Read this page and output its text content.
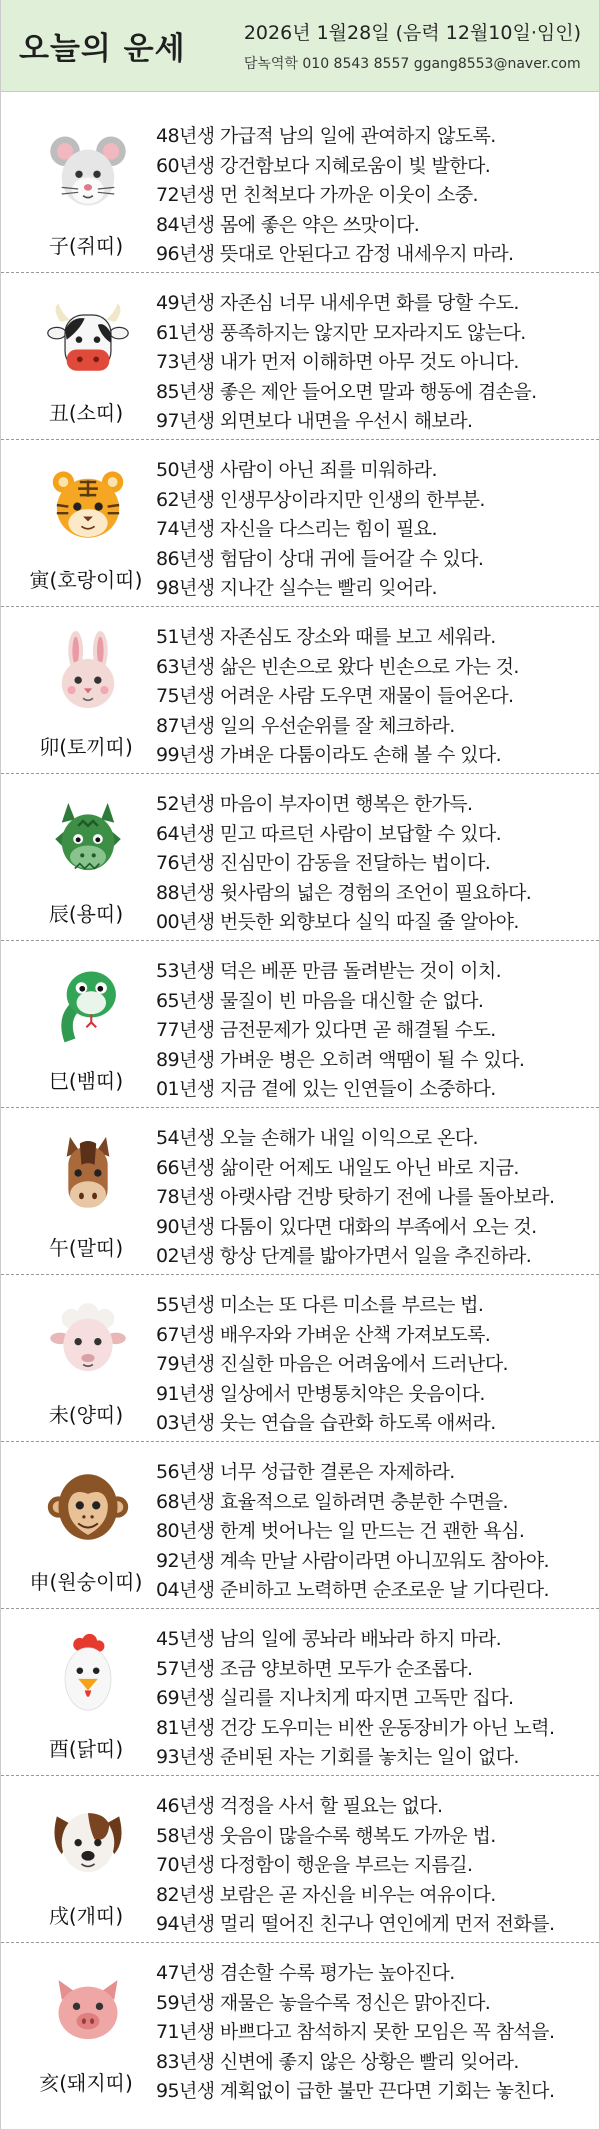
오늘의 운세	2026년 1월28일 (음력 12월10일·임인)
담녹역학 010 8543 8557 ggang8553@naver.com
子(쥐띠)
48년생 가급적 남의 일에 관여하지 않도록.
60년생 강건함보다 지혜로움이 빛 발한다.
72년생 먼 친척보다 가까운 이웃이 소중.
84년생 몸에 좋은 약은 쓰맛이다.
96년생 뜻대로 안된다고 감정 내세우지 마라.
丑(소띠)
49년생 자존심 너무 내세우면 화를 당할 수도.
61년생 풍족하지는 않지만 모자라지도 않는다.
73년생 내가 먼저 이해하면 아무 것도 아니다.
85년생 좋은 제안 들어오면 말과 행동에 겸손을.
97년생 외면보다 내면을 우선시 해보라.
寅(호랑이띠)
50년생 사람이 아닌 죄를 미워하라.
62년생 인생무상이라지만 인생의 한부분.
74년생 자신을 다스리는 힘이 필요.
86년생 험담이 상대 귀에 들어갈 수 있다.
98년생 지나간 실수는 빨리 잊어라.
卯(토끼띠)
51년생 자존심도 장소와 때를 보고 세워라.
63년생 삶은 빈손으로 왔다 빈손으로 가는 것.
75년생 어려운 사람 도우면 재물이 들어온다.
87년생 일의 우선순위를 잘 체크하라.
99년생 가벼운 다툼이라도 손해 볼 수 있다.
辰(용띠)
52년생 마음이 부자이면 행복은 한가득.
64년생 믿고 따르던 사람이 보답할 수 있다.
76년생 진심만이 감동을 전달하는 법이다.
88년생 윗사람의 넓은 경험의 조언이 필요하다.
00년생 번듯한 외향보다 실익 따질 줄 알아야.
巳(뱀띠)
53년생 덕은 베푼 만큼 돌려받는 것이 이치.
65년생 물질이 빈 마음을 대신할 순 없다.
77년생 금전문제가 있다면 곧 해결될 수도.
89년생 가벼운 병은 오히려 액땜이 될 수 있다.
01년생 지금 곁에 있는 인연들이 소중하다.
午(말띠)
54년생 오늘 손해가 내일 이익으로 온다.
66년생 삶이란 어제도 내일도 아닌 바로 지금.
78년생 아랫사람 건방 탓하기 전에 나를 돌아보라.
90년생 다툼이 있다면 대화의 부족에서 오는 것.
02년생 항상 단계를 밟아가면서 일을 추진하라.
未(양띠)
55년생 미소는 또 다른 미소를 부르는 법.
67년생 배우자와 가벼운 산책 가져보도록.
79년생 진실한 마음은 어려움에서 드러난다.
91년생 일상에서 만병통치약은 웃음이다.
03년생 웃는 연습을 습관화 하도록 애써라.
申(원숭이띠)
56년생 너무 성급한 결론은 자제하라.
68년생 효율적으로 일하려면 충분한 수면을.
80년생 한계 벗어나는 일 만드는 건 괜한 욕심.
92년생 계속 만날 사람이라면 아니꼬워도 참아야.
04년생 준비하고 노력하면 순조로운 날 기다린다.
酉(닭띠)
45년생 남의 일에 콩놔라 배놔라 하지 마라.
57년생 조금 양보하면 모두가 순조롭다.
69년생 실리를 지나치게 따지면 고독만 집다.
81년생 건강 도우미는 비싼 운동장비가 아닌 노력.
93년생 준비된 자는 기회를 놓치는 일이 없다.
戌(개띠)
46년생 걱정을 사서 할 필요는 없다.
58년생 웃음이 많을수록 행복도 가까운 법.
70년생 다정함이 행운을 부르는 지름길.
82년생 보람은 곧 자신을 비우는 여유이다.
94년생 멀리 떨어진 친구나 연인에게 먼저 전화를.
亥(돼지띠)
47년생 겸손할 수록 평가는 높아진다.
59년생 재물은 놓을수록 정신은 맑아진다.
71년생 바쁘다고 참석하지 못한 모임은 꼭 참석을.
83년생 신변에 좋지 않은 상황은 빨리 잊어라.
95년생 계획없이 급한 불만 끈다면 기회는 놓친다.
